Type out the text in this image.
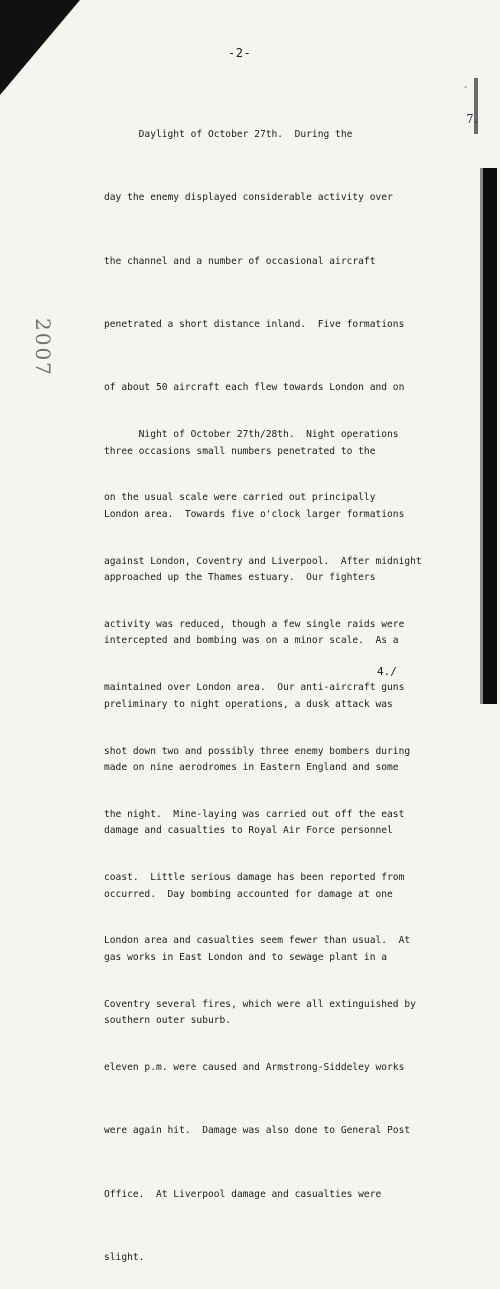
-
7.
-2-
2007

Daylight of October 27th.  During the

day the enemy displayed considerable activity over

the channel and a number of occasional aircraft

penetrated a short distance inland.  Five formations

of about 50 aircraft each flew towards London and on

three occasions small numbers penetrated to the

London area.  Towards five o'clock larger formations

approached up the Thames estuary.  Our fighters

intercepted and bombing was on a minor scale.  As a

preliminary to night operations, a dusk attack was

made on nine aerodromes in Eastern England and some

damage and casualties to Royal Air Force personnel

occurred.  Day bombing accounted for damage at one

gas works in East London and to sewage plant in a

southern outer suburb.

Night of October 27th/28th.  Night operations

on the usual scale were carried out principally

against London, Coventry and Liverpool.  After midnight

activity was reduced, though a few single raids were

maintained over London area.  Our anti-aircraft guns

shot down two and possibly three enemy bombers during

the night.  Mine-laying was carried out off the east

coast.  Little serious damage has been reported from

London area and casualties seem fewer than usual.  At

Coventry several fires, which were all extinguished by

eleven p.m. were caused and Armstrong-Siddeley works

were again hit.  Damage was also done to General Post

Office.  At Liverpool damage and casualties were

slight.

4./
